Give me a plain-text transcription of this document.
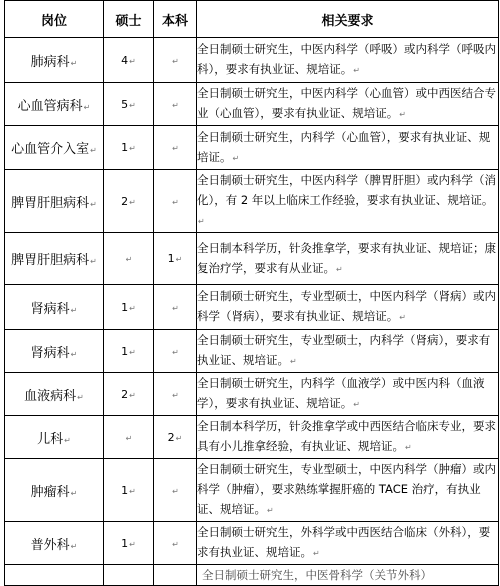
岗位	硕士	本科	相关要求
肺病科↵	4↵	↵	全日制硕士研究生，中医内科学（呼吸）或内科学（呼吸内科），要求有执业证、规培证。↵
心血管病科↵	5↵	↵	全日制硕士研究生，中医内科学（心血管）或中西医结合专业（心血管），要求有执业证、规培证。↵
心血管介入室↵	1↵	↵	全日制硕士研究生，内科学（心血管），要求有执业证、规培证。↵
脾胃肝胆病科↵	2↵	↵	全日制硕士研究生，中医内科学（脾胃肝胆）或内科学（消化），有 2 年以上临床工作经验，要求有执业证、规培证。↵
脾胃肝胆病科↵	↵	1↵	全日制本科学历，针灸推拿学，要求有执业证、规培证；康复治疗学，要求有从业证。↵
肾病科↵	1↵	↵	全日制硕士研究生，专业型硕士，中医内科学（肾病）或内科学（肾病），要求有执业证、规培证。↵
肾病科↵	1↵	↵	全日制硕士研究生，专业型硕士，内科学（肾病），要求有执业证、规培证。↵
血液病科↵	2↵	↵	全日制硕士研究生，内科学（血液学）或中医内科（血液学），要求有执业证、规培证。↵
儿科↵	↵	2↵	全日制本科学历，针灸推拿学或中西医结合临床专业，要求具有小儿推拿经验，有执业证、规培证。↵
肿瘤科↵	1↵	↵	全日制硕士研究生，专业型硕士，中医内科学（肿瘤）或内科学（肿瘤），要求熟练掌握肝癌的 TACE 治疗，有执业证、规培证。↵
普外科↵	1↵	↵	全日制硕士研究生，外科学或中西医结合临床（外科），要求有执业证、规培证。↵

			全日制硕士研究生，中医骨科学（关节外科）
